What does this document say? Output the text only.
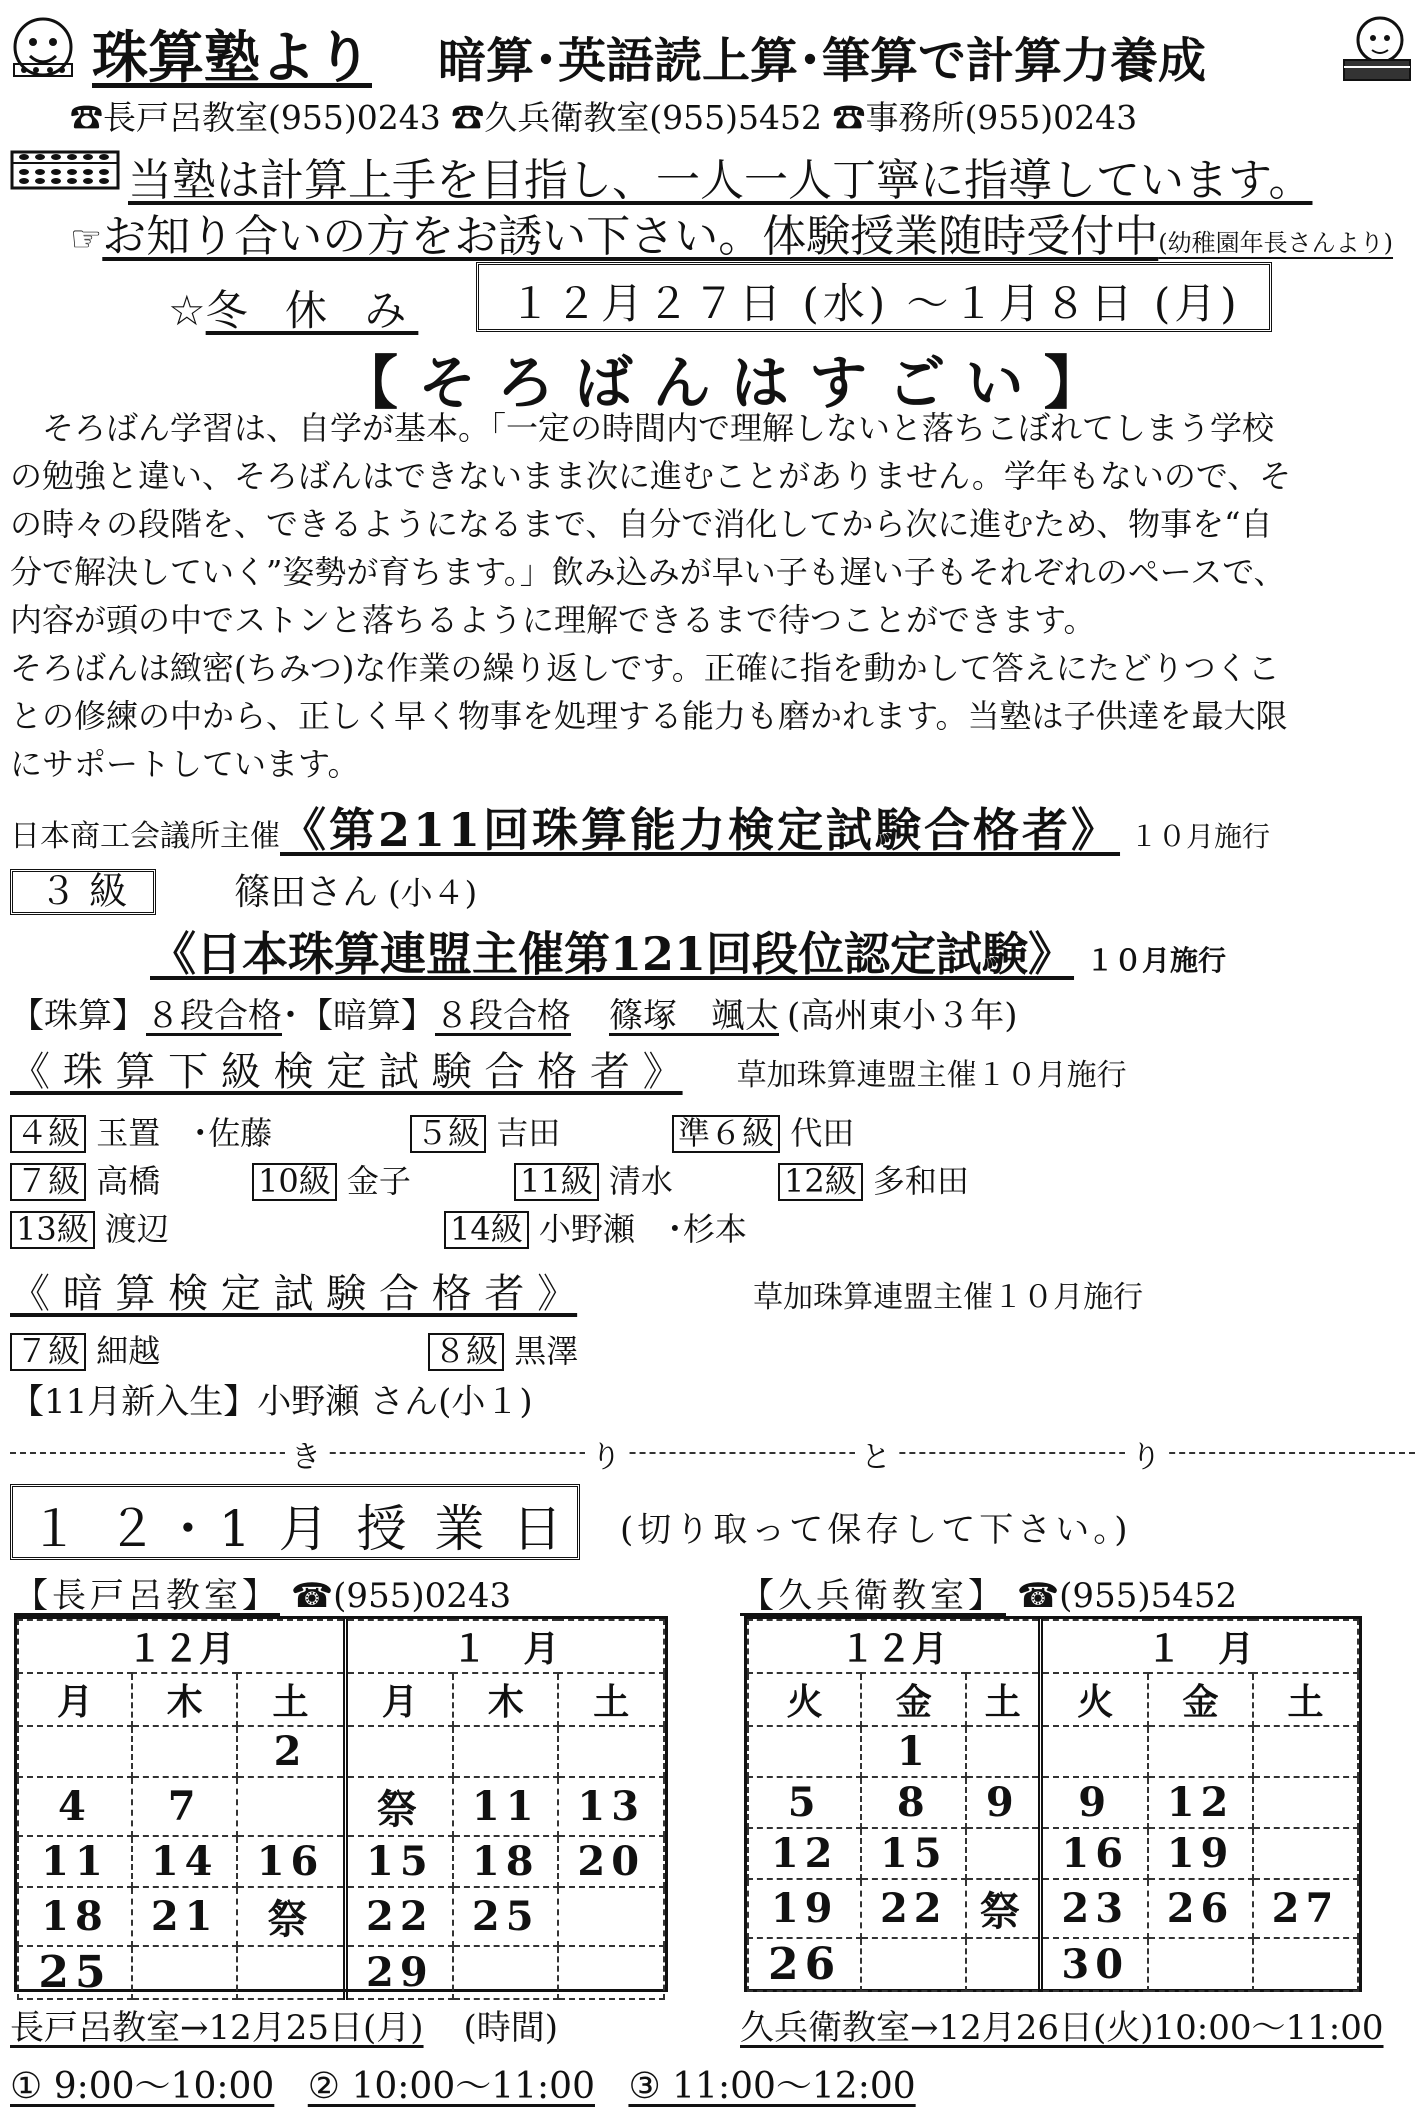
珠算塾より 暗算･英語読上算･筆算で計算力養成
☎長戸呂教室(955)0243 ☎久兵衛教室(955)5452 ☎事務所(955)0243
当塾は計算上手を目指し、一人一人丁寧に指導しています。
☞お知り合いの方をお誘い下さい。体験授業随時受付中(幼稚園年長さんより)
☆冬 休 み	１２月２７日 (水) ～１月８日 (月)
【 そ ろ ば ん は す ご い 】
　そろばん学習は、自学が基本。「一定の時間内で理解しないと落ちこぼれてしまう学校
の勉強と違い、そろばんはできないまま次に進むことがありません。学年もないので、そ
の時々の段階を、できるようになるまで、自分で消化してから次に進むため、物事を“自
分で解決していく”姿勢が育ちます。」飲み込みが早い子も遅い子もそれぞれのペースで、
内容が頭の中でストンと落ちるように理解できるまで待つことができます。
そろばんは緻密(ちみつ)な作業の繰り返しです。正確に指を動かして答えにたどりつくこ
との修練の中から、正しく早く物事を処理する能力も磨かれます。当塾は子供達を最大限
にサポートしています。
日本商工会議所主催《第211回珠算能力検定試験合格者》 １０月施行
３ 級	篠田さん (小４)
《日本珠算連盟主催第121回段位認定試験》 １０月施行
【珠算】８段合格･【暗算】８段合格 篠塚　颯太 (高州東小３年)
《 珠 算 下 級 検 定 試 験 合 格 者 》 草加珠算連盟主催１０月施行
４級 玉置　･佐藤	５級 吉田	準６級 代田
７級 高橋	10級 金子	11級 清水	12級 多和田
13級 渡辺	14級 小野瀬　･杉本
《 暗 算 検 定 試 験 合 格 者 》	草加珠算連盟主催１０月施行
７級 細越	８級 黒澤
【11月新入生】小野瀬 さん(小１)
き	り	と	り
１ ２・1 月 授 業 日 (切り取って保存して下さい。)
【長戸呂教室】 ☎(955)0243	【久兵衛教室】 ☎(955)5452
１２月			１　月		
月	木	土	月	木	土
		2			
4	7		祭	11	13
11	14	16	15	18	20
18	21	祭	22	25	
25			29		
１２月			１　月		
火	金	土	火	金	土
	1				
5	8	9	9	12	
12	15		16	19	
19	22	祭	23	26	27
26			30		
長戸呂教室→12月25日(月) (時間)	久兵衛教室→12月26日(火)10:00～11:00
① 9:00～10:00 ② 10:00～11:00 ③ 11:00～12:00
